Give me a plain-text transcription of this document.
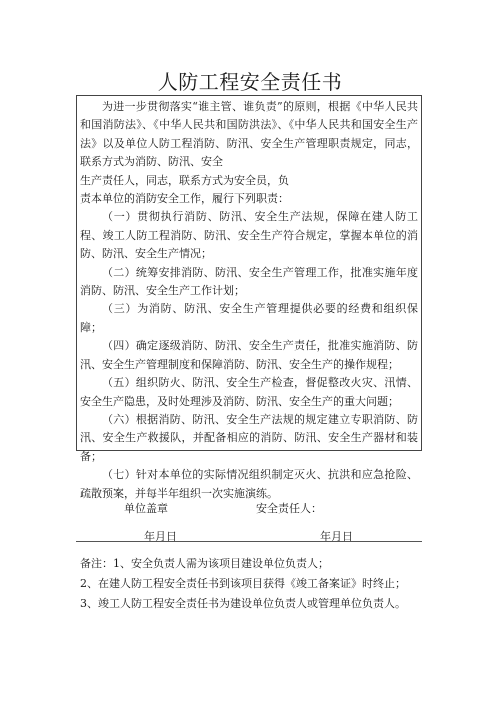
人防工程安全责任书

为进一步贯彻落实“谁主管、谁负责”的原则，根据《中华人民共和国消防法》、《中华人民共和国防洪法》、《中华人民共和国安全生产法》以及单位人防工程消防、防汛、安全生产管理职责规定，同志，联系方式为消防、防汛、安全

生产责任人，同志，联系方式为安全员，负

责本单位的消防安全工作，履行下列职责：

（一）贯彻执行消防、防汛、安全生产法规，保障在建人防工程、竣工人防工程消防、防汛、安全生产符合规定，掌握本单位的消防、防汛、安全生产情况；

（二）统筹安排消防、防汛、安全生产管理工作，批准实施年度消防、防汛、安全生产工作计划；

（三）为消防、防汛、安全生产管理提供必要的经费和组织保障；

（四）确定逐级消防、防汛、安全生产责任，批准实施消防、防汛、安全生产管理制度和保障消防、防汛、安全生产的操作规程；

（五）组织防火、防汛、安全生产检查，督促整改火灾、汛情、安全生产隐患，及时处理涉及消防、防汛、安全生产的重大问题；

（六）根据消防、防汛、安全生产法规的规定建立专职消防、防汛、安全生产救援队，并配备相应的消防、防汛、安全生产器材和装备；

（七）针对本单位的实际情况组织制定灭火、抗洪和应急抢险、疏散预案，并每半年组织一次实施演练。

单位盖章	安全责任人：
年月日	年月日

备注：1、安全负责人需为该项目建设单位负责人；

2、在建人防工程安全责任书到该项目获得《竣工备案证》时终止；

3、竣工人防工程安全责任书为建设单位负责人或管理单位负责人。
